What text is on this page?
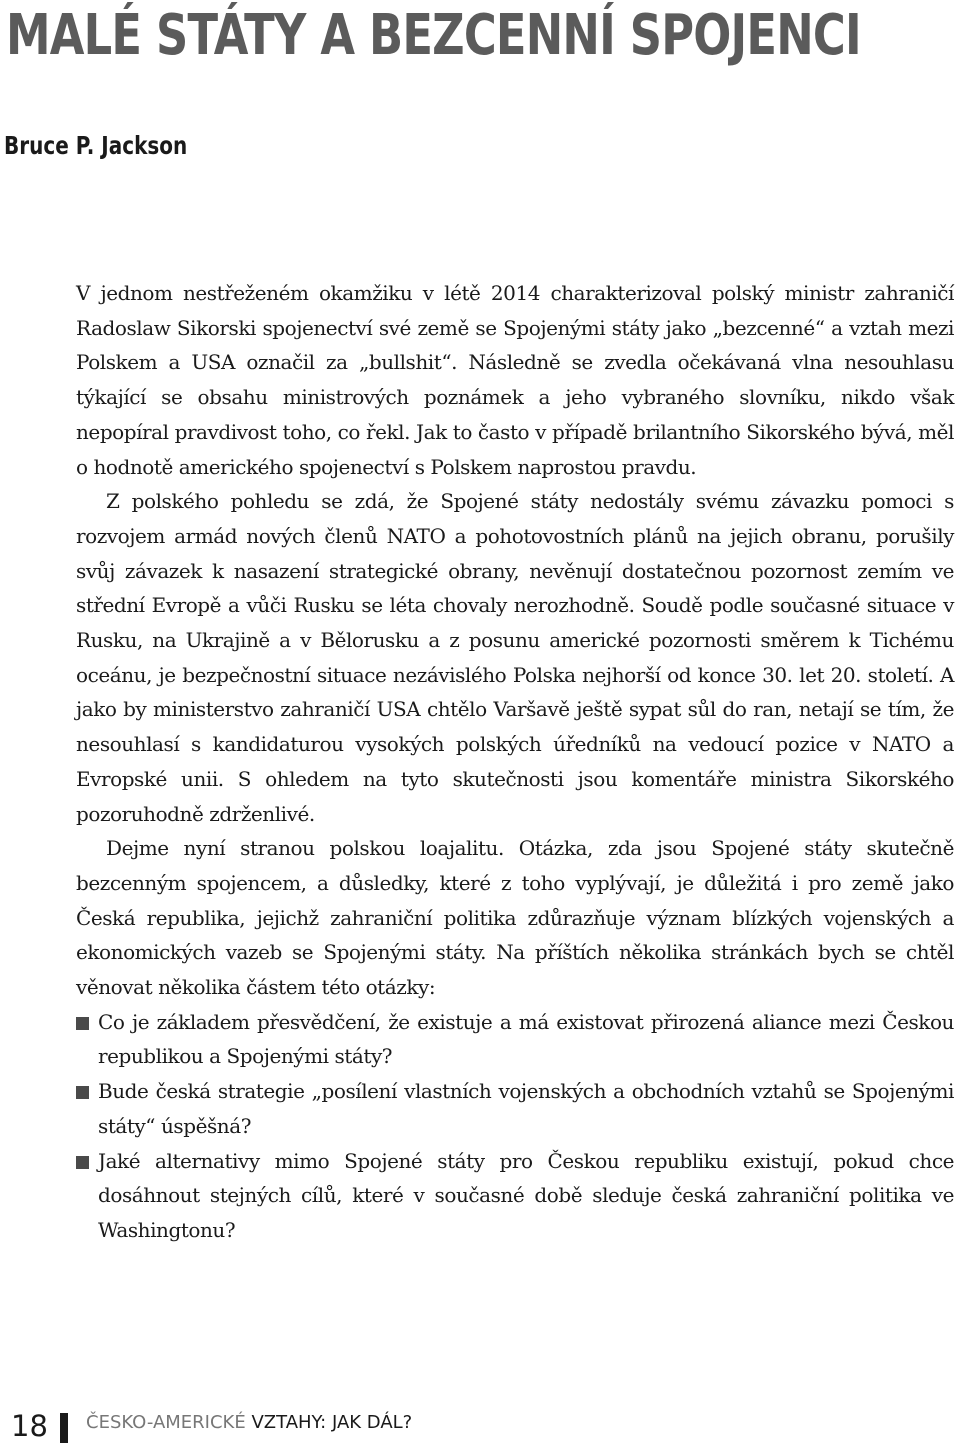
MALÉ STÁTY A BEZCENNÍ SPOJENCI
Bruce P. Jackson

V jednom nestřeženém okamžiku v létě 2014 charakterizoval polský ministr zahraničí Radoslaw Sikorski spojenectví své země se Spojenými státy jako „bezcenné“ a vztah mezi Polskem a USA označil za „bullshit“. Následně se zvedla očekávaná vlna nesouhlasu týkající se obsahu ministrových poznámek a jeho vybraného slovníku, nikdo však nepopíral pravdivost toho, co řekl. Jak to často v případě brilantního Sikorského bývá, měl o hodnotě amerického spojenectví s Polskem naprostou pravdu.

Z polského pohledu se zdá, že Spojené státy nedostály svému závazku pomoci s rozvojem armád nových členů NATO a pohotovostních plánů na jejich obranu, porušily svůj závazek k nasazení strategické obrany, nevěnují dostatečnou pozornost zemím ve střední Evropě a vůči Rusku se léta chovaly nerozhodně. Soudě podle současné situace v Rusku, na Ukrajině a v Bělorusku a z posunu americké pozornosti směrem k Tichému oceánu, je bezpečnostní situace nezávislého Polska nejhorší od konce 30. let 20. století. A jako by ministerstvo zahraničí USA chtělo Varšavě ještě sypat sůl do ran, netají se tím, že nesouhlasí s kandidaturou vysokých polských úředníků na vedoucí pozice v NATO a Evropské unii. S ohledem na tyto skutečnosti jsou komentáře ministra Sikorského pozoruhodně zdrženlivé.

Dejme nyní stranou polskou loajalitu. Otázka, zda jsou Spojené státy skutečně bezcenným spojencem, a důsledky, které z toho vyplývají, je důležitá i pro země jako Česká republika, jejichž zahraniční politika zdůrazňuje význam blízkých vojenských a ekonomických vazeb se Spojenými státy. Na příštích několika stránkách bych se chtěl věnovat několika částem této otázky:

Co je základem přesvědčení, že existuje a má existovat přirozená aliance mezi Českou republikou a Spojenými státy?
Bude česká strategie „posílení vlastních vojenských a obchodních vztahů se Spojenými státy“ úspěšná?
Jaké alternativy mimo Spojené státy pro Českou republiku existují, pokud chce dosáhnout stejných cílů, které v současné době sleduje česká zahraniční politika ve Washingtonu?
18 ČESKO-AMERICKÉ VZTAHY: JAK DÁL?
